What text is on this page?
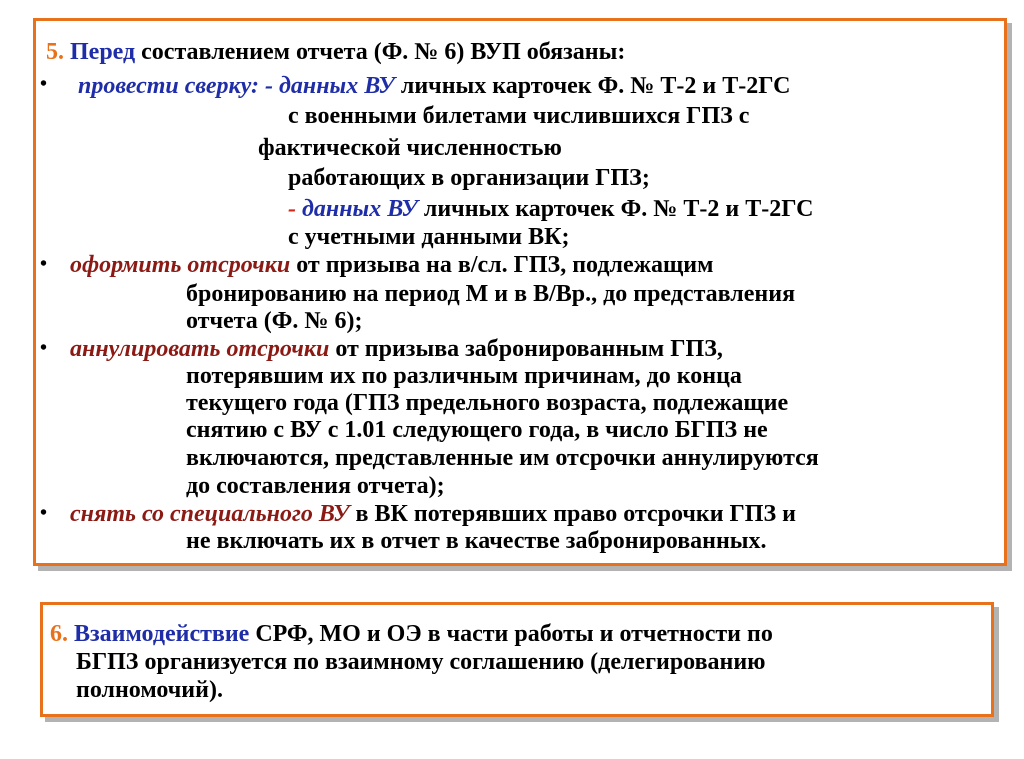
5. Перед составлением отчета (Ф. № 6) ВУП обязаны:
• провести сверку: - данных ВУ личных карточек Ф. № Т-2 и Т-2ГС
с военными билетами числившихся ГПЗ с
фактической численностью
работающих в организации ГПЗ;
- данных ВУ личных карточек Ф. № Т-2 и Т-2ГС
с учетными данными ВК;
• оформить отсрочки от призыва на в/сл. ГПЗ, подлежащим
бронированию на период М и в В/Вр., до представления
отчета (Ф. № 6);
• аннулировать отсрочки от призыва забронированным ГПЗ,
потерявшим их по различным причинам, до конца
текущего года (ГПЗ предельного возраста, подлежащие
снятию с ВУ с 1.01 следующего года, в число БГПЗ не
включаются, представленные им отсрочки аннулируются
до составления отчета);
• снять со специального ВУ в ВК потерявших право отсрочки ГПЗ и
не включать их в отчет в качестве забронированных.
6. Взаимодействие СРФ, МО и ОЭ в части работы и отчетности по
БГПЗ организуется по взаимному соглашению (делегированию
полномочий).
